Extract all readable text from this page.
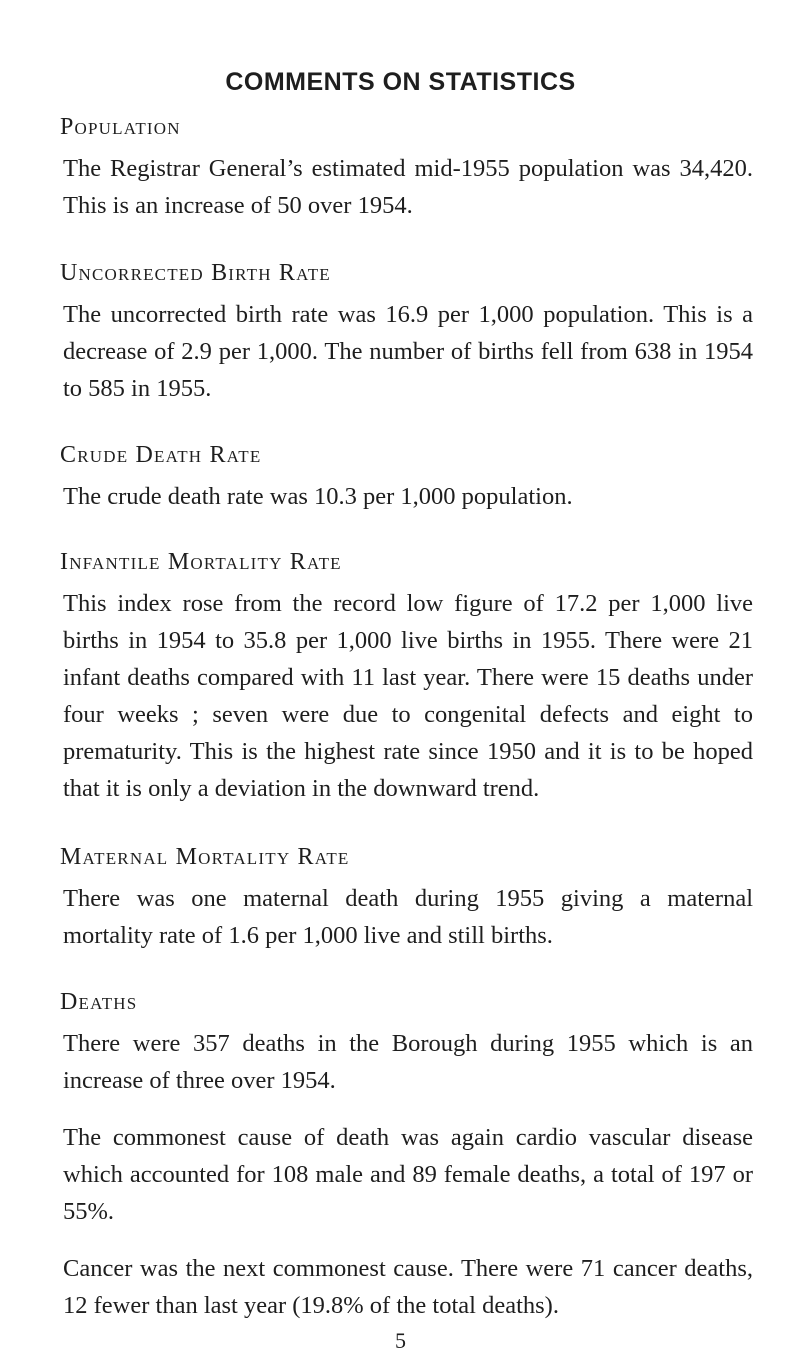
COMMENTS ON STATISTICS
Population

The Registrar General’s estimated mid-1955 population was 34,420. This is an increase of 50 over 1954.

Uncorrected Birth Rate

The uncorrected birth rate was 16.9 per 1,000 population. This is a decrease of 2.9 per 1,000. The number of births fell from 638 in 1954 to 585 in 1955.

Crude Death Rate

The crude death rate was 10.3 per 1,000 population.

Infantile Mortality Rate

This index rose from the record low figure of 17.2 per 1,000 live births in 1954 to 35.8 per 1,000 live births in 1955. There were 21 infant deaths compared with 11 last year. There were 15 deaths under four weeks ; seven were due to congenital defects and eight to prematurity. This is the highest rate since 1950 and it is to be hoped that it is only a deviation in the downward trend.

Maternal Mortality Rate

There was one maternal death during 1955 giving a maternal mortality rate of 1.6 per 1,000 live and still births.

Deaths

There were 357 deaths in the Borough during 1955 which is an increase of three over 1954.

The commonest cause of death was again cardio vascular disease which accounted for 108 male and 89 female deaths, a total of 197 or 55%.

Cancer was the next commonest cause. There were 71 cancer deaths, 12 fewer than last year (19.8% of the total deaths).

5
